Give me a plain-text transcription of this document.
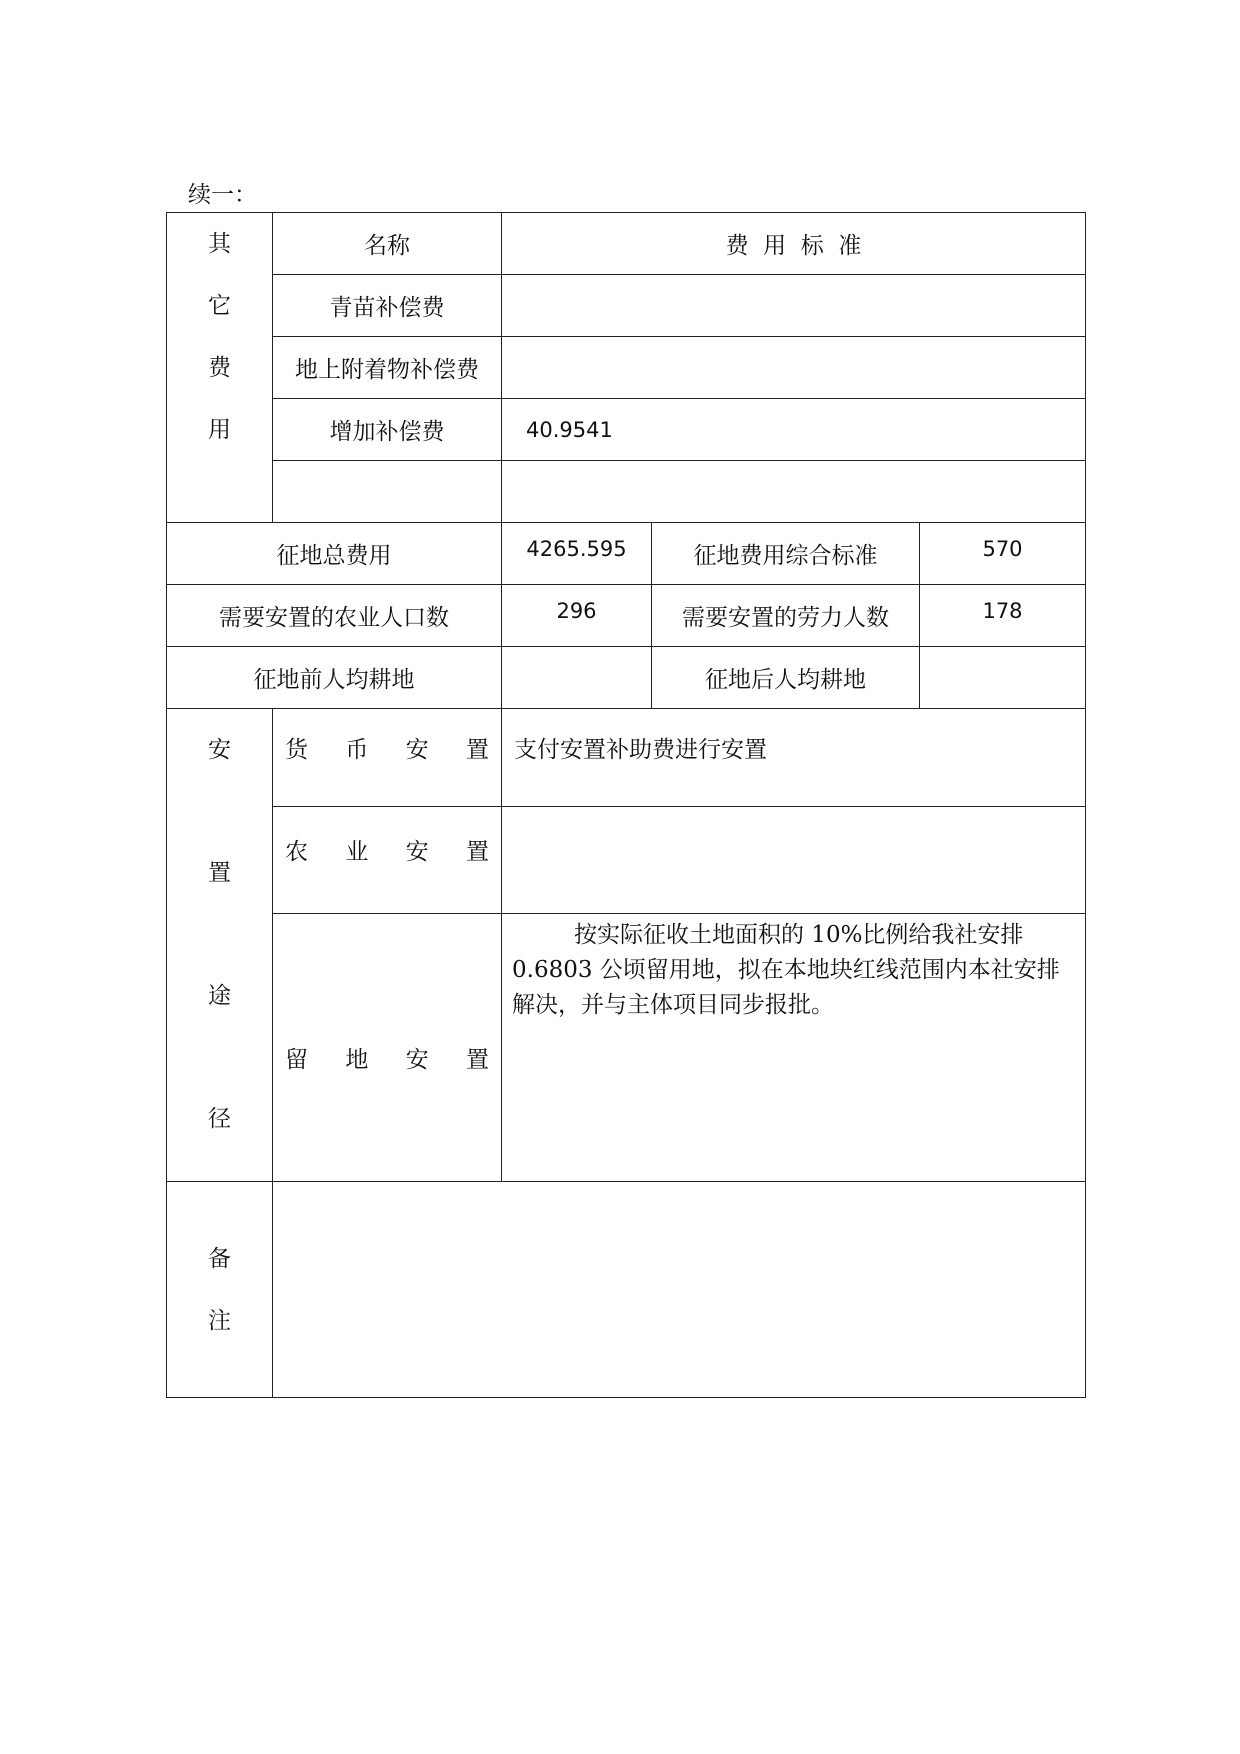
续一：
其
它
费
用	名称	费  用  标  准		
	青苗补偿费			
	地上附着物补偿费			
	增加补偿费	40.9541		

征地总费用		4265.595	征地费用综合标准	570
需要安置的农业人口数		296	需要安置的劳力人数	178
征地前人均耕地			征地后人均耕地	

安
置
途
径	货 币 安 置	支付安置补助费进行安置		

	农 业 安 置			

	留 地 安 置	按实际征收土地面积的 10%比例给我社安排 0.6803 公顷留用地，拟在本地块红线范围内本社安排解决，并与主体项目同步报批。		

备
注				
